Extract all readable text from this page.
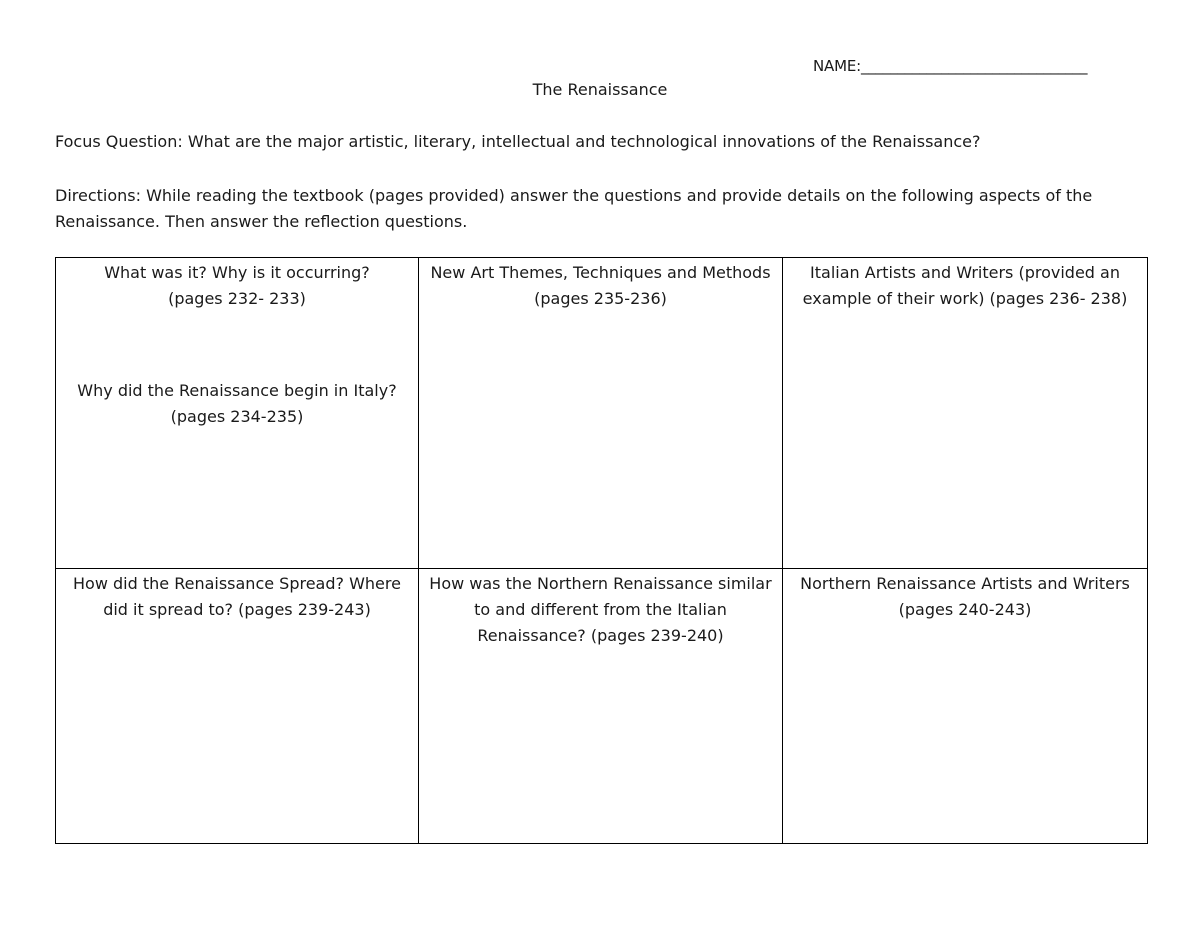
NAME:_______________________________
The Renaissance
Focus Question: What are the major artistic, literary, intellectual and technological innovations of the Renaissance?
Directions: While reading the textbook (pages provided) answer the questions and provide details on the following aspects of the Renaissance. Then answer the reflection questions.
What was it? Why is it occurring?
(pages 232- 233)
Why did the Renaissance begin in Italy?
(pages 234-235)	New Art Themes, Techniques and Methods (pages 235-236)	Italian Artists and Writers (provided an example of their work) (pages 236- 238)

How did the Renaissance Spread? Where did it spread to? (pages 239-243)	How was the Northern Renaissance similar to and different from the Italian Renaissance? (pages 239-240)	Northern Renaissance Artists and Writers (pages 240-243)
